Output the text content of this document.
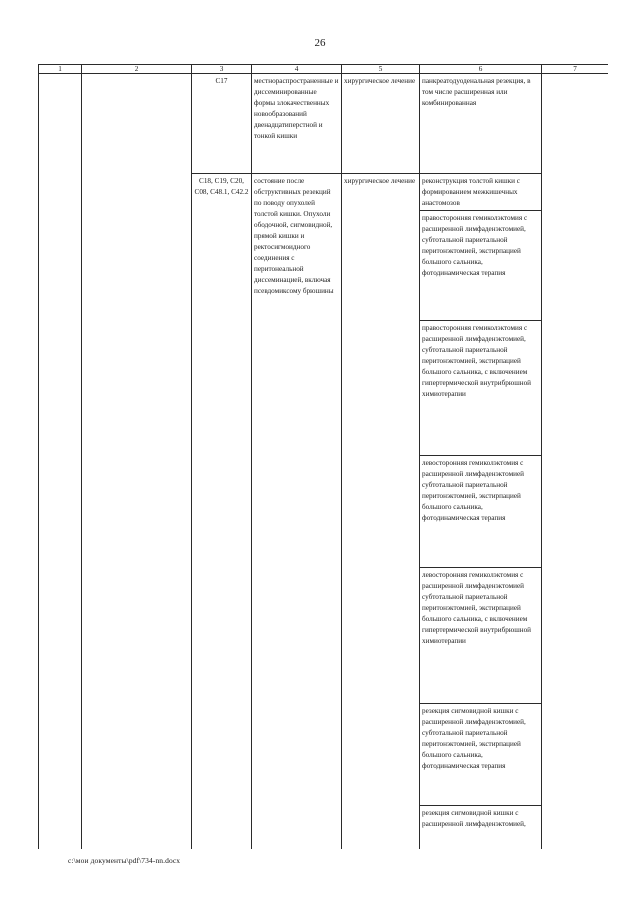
26
1	2	3	4	5	6	7
		C17	местнораспространенные и диссеминированные формы злокачественных новообразований двенадцатиперстной и тонкой кишки	хирургическое лечение	панкреатодуоденальная резекция, в том числе расширенная или комбинированная	
		C18, C19, C20, C08, C48.1, C42.2	состояние после обструктивных резекций по поводу опухолей толстой кишки. Опухоли ободочной, сигмовидной, прямой кишки и ректосигмоидного соединения с перитонеальной диссеминацией, включая псевдомиксому брюшины	хирургическое лечение	реконструкция толстой кишки с формированием межкишечных анастомозов	
					правосторонняя гемиколэктомия с расширенной лимфаденэктомией, субтотальной париетальной перитонэктомией, экстирпацией большого сальника, фотодинамическая терапия	
					правосторонняя гемиколэктомия с расширенной лимфаденэктомией, субтотальной париетальной перитонэктомией, экстирпацией большого сальника, с включением гипертермической внутрибрюшной химиотерапии	
					левосторонняя гемиколэктомия с расширенной лимфаденэктомией субтотальной париетальной перитонэктомией, экстирпацией большого сальника, фотодинамическая терапия	
					левосторонняя гемиколэктомия с расширенной лимфаденэктомией субтотальной париетальной перитонэктомией, экстирпацией большого сальника, с включением гипертермической внутрибрюшной химиотерапии	
					резекция сигмовидной кишки с расширенной лимфаденэктомией, субтотальной париетальной перитонэктомией, экстирпацией большого сальника, фотодинамическая терапия	
					резекция сигмовидной кишки с расширенной лимфаденэктомией,	
c:\мои документы\pdf\734-nn.docx
